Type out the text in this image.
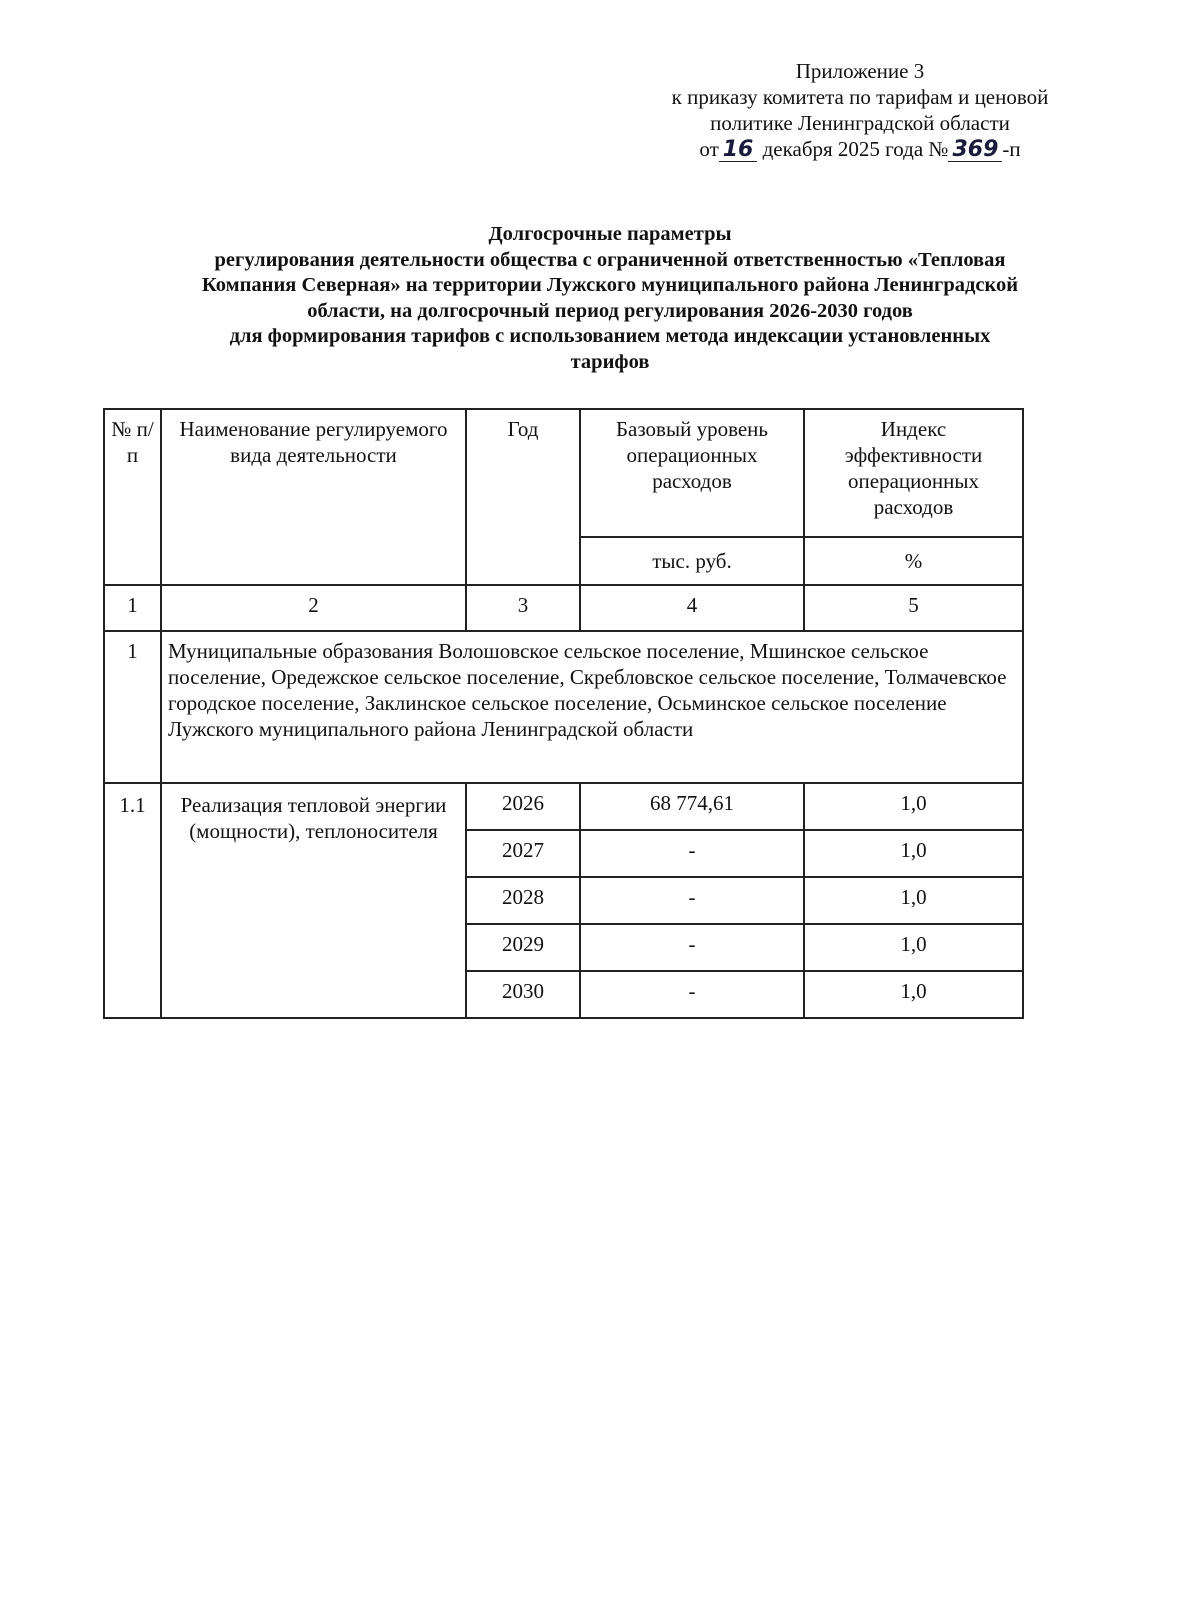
Приложение 3
к приказу комитета по тарифам и ценовой
политике Ленинградской области
от 16 декабря 2025 года № 369 -п
Долгосрочные параметры
регулирования деятельности общества с ограниченной ответственностью «Тепловая
Компания Северная» на территории Лужского муниципального района Ленинградской
области, на долгосрочный период регулирования 2026-2030 годов
для формирования тарифов с использованием метода индексации установленных
тарифов
№ п/п	Наименование регулируемого вида деятельности	Год	Базовый уровень операционных расходов	Индекс эффективности операционных расходов
			тыс. руб.	%
1	2	3	4	5
1	Муниципальные образования Волошовское сельское поселение, Мшинское сельское поселение, Оредежское сельское поселение, Скребловское сельское поселение, Толмачевское городское поселение, Заклинское сельское поселение, Осьминское сельское поселение Лужского муниципального района Ленинградской области			
1.1	Реализация тепловой энергии (мощности), теплоносителя	2026	68 774,61	1,0
		2027	-	1,0
		2028	-	1,0
		2029	-	1,0
		2030	-	1,0
